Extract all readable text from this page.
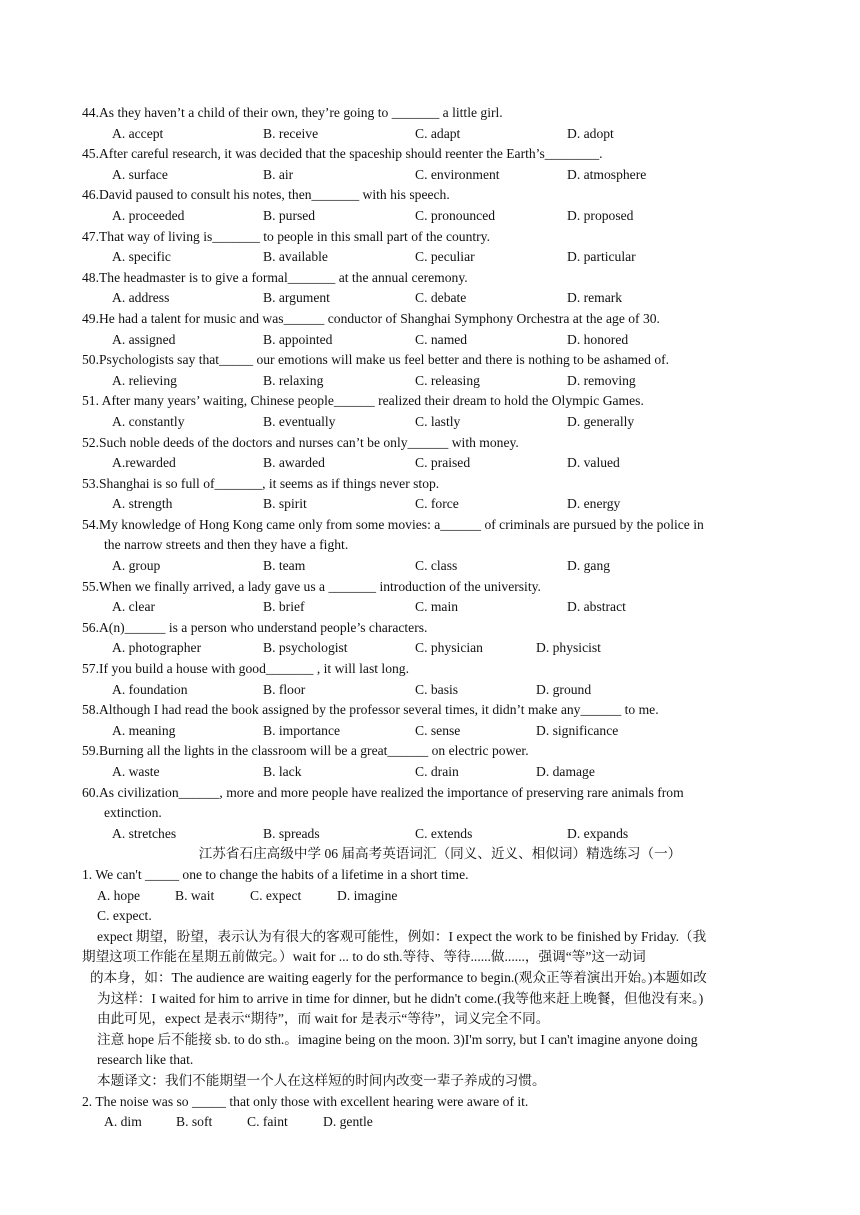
44.As they haven’t a child of their own, they’re going to _______ a little girl.
A. accept	B. receive	C. adapt	D. adopt
45.After careful research, it was decided that the spaceship should reenter the Earth’s________.
A. surface	B. air	C. environment	D. atmosphere
46.David paused to consult his notes, then_______ with his speech.
A. proceeded	B. pursed	C. pronounced	D. proposed
47.That way of living is_______ to people in this small part of the country.
A. specific	B. available	C. peculiar	D. particular
48.The headmaster is to give a formal_______ at the annual ceremony.
A. address	B. argument	C. debate	D. remark
49.He had a talent for music and was______ conductor of Shanghai Symphony Orchestra at the age of 30.
A. assigned	B. appointed	C. named	D. honored
50.Psychologists say that_____ our emotions will make us feel better and there is nothing to be ashamed of.
A. relieving	B. relaxing	C. releasing	D. removing
51. After many years’ waiting, Chinese people______ realized their dream to hold the Olympic Games.
A. constantly	B. eventually	C. lastly	D. generally
52.Such noble deeds of the doctors and nurses can’t be only______ with money.
A.rewarded	B. awarded	C. praised	D. valued
53.Shanghai is so full of_______, it seems as if things never stop.
A. strength	B. spirit	C. force	D. energy
54.My knowledge of Hong Kong came only from some movies: a______ of criminals are pursued by the police in
the narrow streets and then they have a fight.
A. group	B. team	C. class	D. gang
55.When we finally arrived, a lady gave us a _______ introduction of the university.
A. clear	B. brief	C. main	D. abstract
56.A(n)______ is a person who understand people’s characters.
A. photographer	B. psychologist	C. physician	D. physicist
57.If you build a house with good_______ , it will last long.
A. foundation	B. floor	C. basis	D. ground
58.Although I had read the book assigned by the professor several times, it didn’t make any______ to me.
A. meaning	B. importance	C. sense	D. significance
59.Burning all the lights in the classroom will be a great______ on electric power.
A. waste	B. lack	C. drain	D. damage
60.As civilization______, more and more people have realized the importance of preserving rare animals from
extinction.
A. stretches	B. spreads	C. extends	D. expands
江苏省石庄高级中学 06 届高考英语词汇（同义、近义、相似词）精选练习（一）
1. We can't _____ one to change the habits of a lifetime in a short time.
A. hope	B. wait	C. expect	D. imagine
C. expect.
expect 期望，盼望，表示认为有很大的客观可能性，例如：I expect the work to be finished by Friday.（我
期望这项工作能在星期五前做完。）wait for ... to do sth.等待、等待......做......，强调“等”这一动词
的本身，如：The audience are waiting eagerly for the performance to begin.(观众正等着演出开始。)本题如改
为这样：I waited for him to arrive in time for dinner, but he didn't come.(我等他来赶上晚餐，但他没有来。)
由此可见，expect 是表示“期待”，而 wait for 是表示“等待”，词义完全不同。
注意 hope 后不能接 sb. to do sth.。imagine being on the moon. 3)I'm sorry, but I can't imagine anyone doing
research like that.
本题译文：我们不能期望一个人在这样短的时间内改变一辈子养成的习惯。
2. The noise was so _____ that only those with excellent hearing were aware of it.
A. dim	B. soft	C. faint	D. gentle
